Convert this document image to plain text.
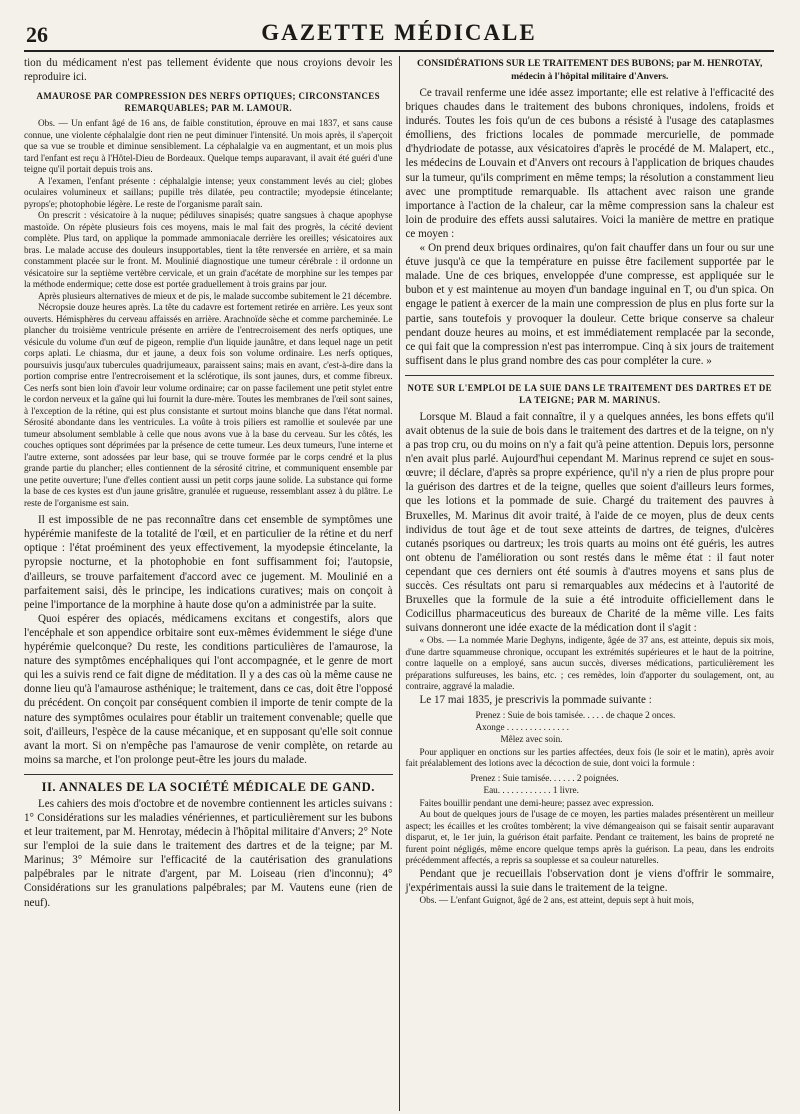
26	GAZETTE MÉDICALE

tion du médicament n'est pas tellement évidente que nous croyions devoir les reproduire ici.

AMAUROSE PAR COMPRESSION DES NERFS OPTIQUES; CIRCONSTANCES REMARQUABLES; PAR M. LAMOUR.

Obs. — Un enfant âgé de 16 ans, de faible constitution, éprouve en mai 1837, et sans cause connue, une violente céphalalgie dont rien ne peut diminuer l'intensité. Un mois après, il s'aperçoit que sa vue se trouble et diminue sensiblement. La céphalalgie va en augmentant, et un mois plus tard l'enfant est reçu à l'Hôtel-Dieu de Bordeaux. Quelque temps auparavant, il avait été guéri d'une teigne qu'il portait depuis trois ans.

A l'examen, l'enfant présente : céphalalgie intense; yeux constamment levés au ciel; globes oculaires volumineux et saillans; pupille très dilatée, peu contractile; myodepsie étincelante; pyrops'e; photophobie légère. Le reste de l'organisme paraît sain.

On prescrit : vésicatoire à la nuque; pédiluves sinapisés; quatre sangsues à chaque apophyse mastoïde. On répète plusieurs fois ces moyens, mais le mal fait des progrès, la cécité devient complète. Plus tard, on applique la pommade ammoniacale derrière les oreilles; vésicatoires aux bras. Le malade accuse des douleurs insupportables, tient la tête renversée en arrière, et sa main constamment placée sur le front. M. Moulinié diagnostique une tumeur cérébrale : il ordonne un vésicatoire sur la septième vertèbre cervicale, et un grain d'acétate de morphine sur les tempes par la méthode endermique; cette dose est portée graduellement à trois grains par jour.

Après plusieurs alternatives de mieux et de pis, le malade succombe subitement le 21 décembre.

Nécropsie douze heures après. La tête du cadavre est fortement retirée en arrière. Les yeux sont ouverts. Hémisphères du cerveau affaissés en arrière. Arachnoïde sèche et comme parcheminée. Le plancher du troisième ventricule présente en arrière de l'entrecroisement des nerfs optiques, une vésicule du volume d'un œuf de pigeon, remplie d'un liquide jaunâtre, et dans lequel nage un petit corps aplati. Le chiasma, dur et jaune, a deux fois son volume ordinaire. Les nerfs optiques, poursuivis jusqu'aux tubercules quadrijumeaux, paraissent sains; mais en avant, c'est-à-dire dans la portion comprise entre l'entrecroisement et la sclérotique, ils sont jaunes, durs, et comme fibreux. Ces nerfs sont bien loin d'avoir leur volume ordinaire; car on passe facilement une petit stylet entre le cordon nerveux et la gaîne qui lui fournit la dure-mère. Toutes les membranes de l'œil sont saines, à l'exception de la rétine, qui est plus consistante et surtout moins blanche que dans l'état normal. Sérosité abondante dans les ventricules. La voûte à trois piliers est ramollie et soulevée par une tumeur absolument semblable à celle que nous avons vue à la base du cerveau. Sur les côtés, les couches optiques sont déprimées par la présence de cette tumeur. Les deux tumeurs, l'une interne et l'autre externe, sont adossées par leur base, qui se trouve formée par le corps cendré et la plus grande partie du plancher; elles contiennent de la sérosité citrine, et communiquent ensemble par une petite ouverture; l'une d'elles contient aussi un petit corps jaune solide. La substance qui forme la base de ces kystes est d'un jaune grisâtre, granulée et rugueuse, ressemblant assez à du plâtre. Le reste de l'organisme est sain.

Il est impossible de ne pas reconnaître dans cet ensemble de symptômes une hypérémie manifeste de la totalité de l'œil, et en particulier de la rétine et du nerf optique : l'état proéminent des yeux effectivement, la myodepsie étincelante, la pyropsie nocturne, et la photophobie en font suffisamment foi; l'autopsie, d'ailleurs, se trouve parfaitement d'accord avec ce jugement. M. Moulinié en a parfaitement saisi, dès le principe, les indications curatives; mais on conçoit à peine l'importance de la morphine à haute dose qu'on a administrée par la suite.

Quoi espérer des opiacés, médicamens excitans et congestifs, alors que l'encéphale et son appendice orbitaire sont eux-mêmes évidemment le siége d'une hypérémie quelconque? Du reste, les conditions particulières de l'amaurose, la nature des symptômes encéphaliques qui l'ont accompagnée, et le genre de mort qui les a suivis rend ce fait digne de méditation. Il y a des cas où la même cause ne donne lieu qu'à l'amaurose asthénique; le traitement, dans ce cas, doit être l'opposé du précédent. On conçoit par conséquent combien il importe de tenir compte de la nature des symptômes oculaires pour établir un traitement convenable; quelle que soit, d'ailleurs, l'espèce de la cause mécanique, et en supposant qu'elle soit connue avant la mort. Si on n'empêche pas l'amaurose de venir complète, on retarde au moins sa marche, et l'on prolonge peut-être les jours du malade.

II. ANNALES DE LA SOCIÉTÉ MÉDICALE DE GAND.

Les cahiers des mois d'octobre et de novembre contiennent les articles suivans : 1° Considérations sur les maladies vénériennes, et particulièrement sur les bubons et leur traitement, par M. Henrotay, médecin à l'hôpital militaire d'Anvers; 2° Note sur l'emploi de la suie dans le traitement des dartres et de la teigne; par M. Marinus; 3° Mémoire sur l'efficacité de la cautérisation des granulations palpébrales par le nitrate d'argent, par M. Loiseau (rien d'inconnu); 4° Considérations sur les granulations palpébrales; par M. Vautens eune (rien de neuf).

CONSIDÉRATIONS SUR LE TRAITEMENT DES BUBONS; par M. HENROTAY, médecin à l'hôpital militaire d'Anvers.

Ce travail renferme une idée assez importante; elle est relative à l'efficacité des briques chaudes dans le traitement des bubons chroniques, indolens, froids et indurés. Toutes les fois qu'un de ces bubons a résisté à l'usage des cataplasmes émolliens, des frictions locales de pommade mercurielle, de pommade d'hydriodate de potasse, aux vésicatoires d'après le procédé de M. Malapert, etc., les médecins de Louvain et d'Anvers ont recours à l'application de briques chaudes sur la tumeur, qu'ils compriment en même temps; la résolution a constamment lieu avec une promptitude remarquable. Ils attachent avec raison une grande importance à l'action de la chaleur, car la même compression sans la chaleur est loin de produire des effets aussi salutaires. Voici la manière de mettre en pratique ce moyen :

« On prend deux briques ordinaires, qu'on fait chauffer dans un four ou sur une étuve jusqu'à ce que la température en puisse être facilement supportée par le malade. Une de ces briques, enveloppée d'une compresse, est appliquée sur le bubon et y est maintenue au moyen d'un bandage inguinal en T, ou d'un spica. On engage le patient à exercer de la main une compression de plus en plus forte sur la partie, sans toutefois y provoquer la douleur. Cette brique conserve sa chaleur pendant douze heures au moins, et est immédiatement remplacée par la seconde, ce qui fait que la compression n'est pas interrompue. Cinq à six jours de traitement suffisent dans le plus grand nombre des cas pour compléter la cure. »

NOTE SUR L'EMPLOI DE LA SUIE DANS LE TRAITEMENT DES DARTRES ET DE LA TEIGNE; PAR M. MARINUS.

Lorsque M. Blaud a fait connaître, il y a quelques années, les bons effets qu'il avait obtenus de la suie de bois dans le traitement des dartres et de la teigne, on n'y a pas trop cru, ou du moins on n'y a fait qu'à peine attention. Depuis lors, personne n'en avait plus parlé. Aujourd'hui cependant M. Marinus reprend ce sujet en sous-œuvre; il déclare, d'après sa propre expérience, qu'il n'y a rien de plus propre pour la guérison des dartres et de la teigne, quelles que soient d'ailleurs leurs formes, que les lotions et la pommade de suie. Chargé du traitement des pauvres à Bruxelles, M. Marinus dit avoir traité, à l'aide de ce moyen, plus de deux cents individus de tout âge et de tout sexe atteints de dartres, de teignes, d'ulcères cutanés psoriques ou dartreux; les trois quarts au moins ont été guéris, les autres ont obtenu de l'amélioration ou sont restés dans le même état : il faut noter cependant que ces derniers ont été soumis à d'autres moyens et sans plus de succès. Ces résultats ont paru si remarquables aux médecins et à l'autorité de Bruxelles que la formule de la suie a été introduite officiellement dans le Codicillus pharmaceuticus des bureaux de Charité de la même ville. Les faits suivans donneront une idée exacte de la médication dont il s'agit :

« Obs. — La nommée Marie Deghyns, indigente, âgée de 37 ans, est atteinte, depuis six mois, d'une dartre squammeuse chronique, occupant les extrémités supérieures et le haut de la poitrine, contre laquelle on a employé, sans aucun succès, diverses médications, particulièrement les préparations sulfureuses, les bains, etc. ; ces remèdes, loin d'apporter du soulagement, ont, au contraire, aggravé la maladie.

Le 17 mai 1835, je prescrivis la pommade suivante :

Prenez : Suie de bois tamisée. . . . . de chaque 2 onces.
Axonge . . . . . . . . . . . . . .
Mêlez avec soin.

Pour appliquer en onctions sur les parties affectées, deux fois (le soir et le matin), après avoir fait préalablement des lotions avec la décoction de suie, dont voici la formule :

Prenez : Suie tamisée. . . . . . 2 poignées.
Eau. . . . . . . . . . . . 1 livre.

Faites bouillir pendant une demi-heure; passez avec expression.

Au bout de quelques jours de l'usage de ce moyen, les parties malades présentèrent un meilleur aspect; les écailles et les croûtes tombèrent; la vive démangeaison qui se faisait sentir auparavant disparut, et, le 1er juin, la guérison était parfaite. Pendant ce traitement, les bains de propreté ne furent point négligés, même encore quelque temps après la guérison. La peau, dans les endroits précédemment affectés, a repris sa souplesse et sa couleur naturelles.

Pendant que je recueillais l'observation dont je viens d'offrir le sommaire, j'expérimentais aussi la suie dans le traitement de la teigne.

Obs. — L'enfant Guignot, âgé de 2 ans, est atteint, depuis sept à huit mois,
